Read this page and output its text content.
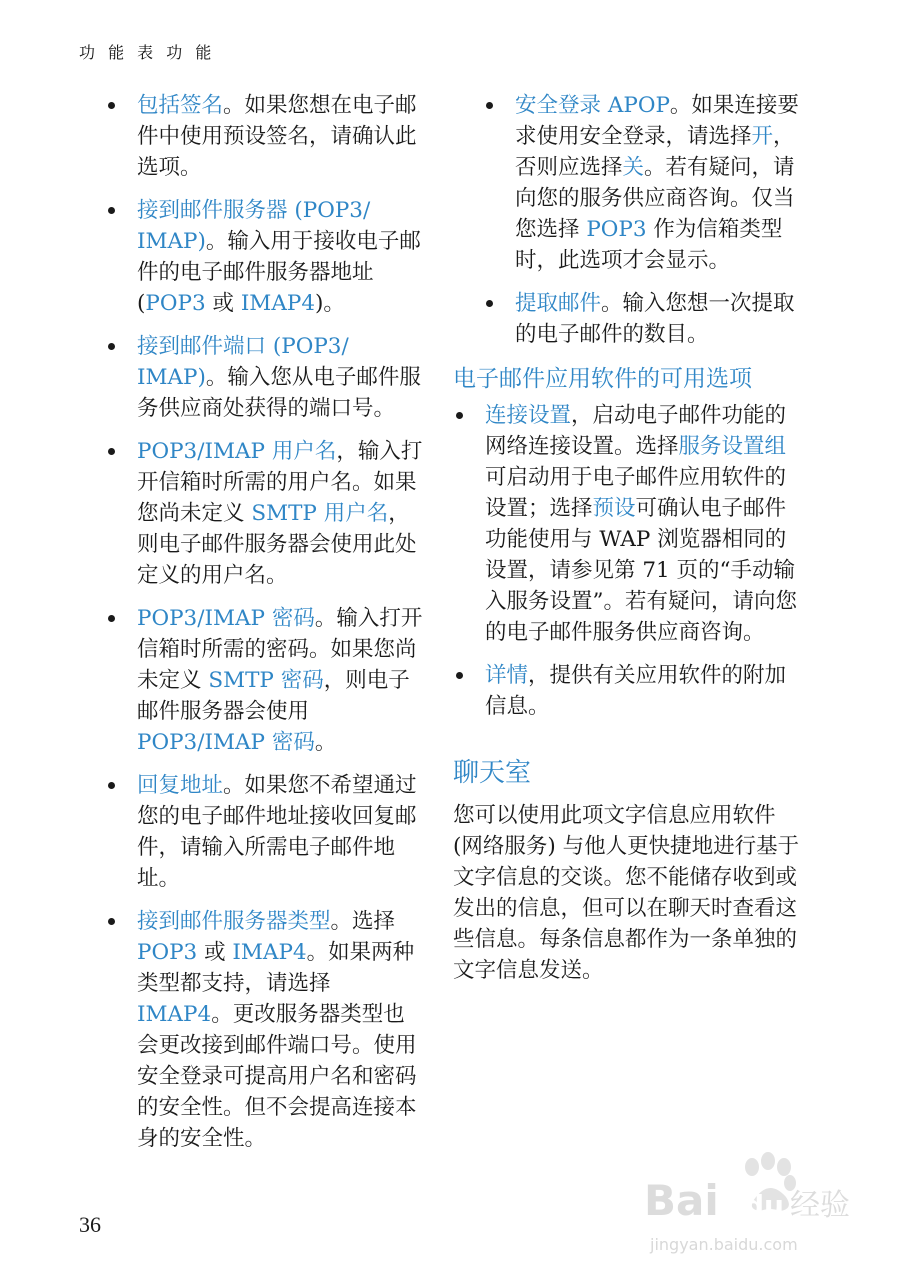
功 能 表 功 能
包括签名。如果您想在电子邮件中使用预设签名，请确认此选项。
接到邮件服务器 (POP3/ IMAP)。输入用于接收电子邮件的电子邮件服务器地址 (POP3 或 IMAP4)。
接到邮件端口 (POP3/ IMAP)。输入您从电子邮件服务供应商处获得的端口号。
POP3/IMAP 用户名，输入打开信箱时所需的用户名。如果您尚未定义 SMTP 用户名，则电子邮件服务器会使用此处定义的用户名。
POP3/IMAP 密码。输入打开信箱时所需的密码。如果您尚未定义 SMTP 密码，则电子邮件服务器会使用 POP3/IMAP 密码。
回复地址。如果您不希望通过您的电子邮件地址接收回复邮件，请输入所需电子邮件地址。
接到邮件服务器类型。选择 POP3 或 IMAP4。如果两种类型都支持，请选择 IMAP4。更改服务器类型也会更改接到邮件端口号。使用安全登录可提高用户名和密码的安全性。但不会提高连接本身的安全性。
安全登录 APOP。如果连接要求使用安全登录，请选择开，否则应选择关。若有疑问，请向您的服务供应商咨询。仅当您选择 POP3 作为信箱类型时，此选项才会显示。
提取邮件。输入您想一次提取的电子邮件的数目。
电子邮件应用软件的可用选项
连接设置，启动电子邮件功能的网络连接设置。选择服务设置组可启动用于电子邮件应用软件的设置；选择预设可确认电子邮件功能使用与 WAP 浏览器相同的设置，请参见第 71 页的“手动输入服务设置”。若有疑问，请向您的电子邮件服务供应商咨询。
详情，提供有关应用软件的附加信息。
聊天室

您可以使用此项文字信息应用软件 (网络服务) 与他人更快捷地进行基于文字信息的交谈。您不能储存收到或发出的信息，但可以在聊天时查看这些信息。每条信息都作为一条单独的文字信息发送。

36	Bai du 经验
jingyan.baidu.com
